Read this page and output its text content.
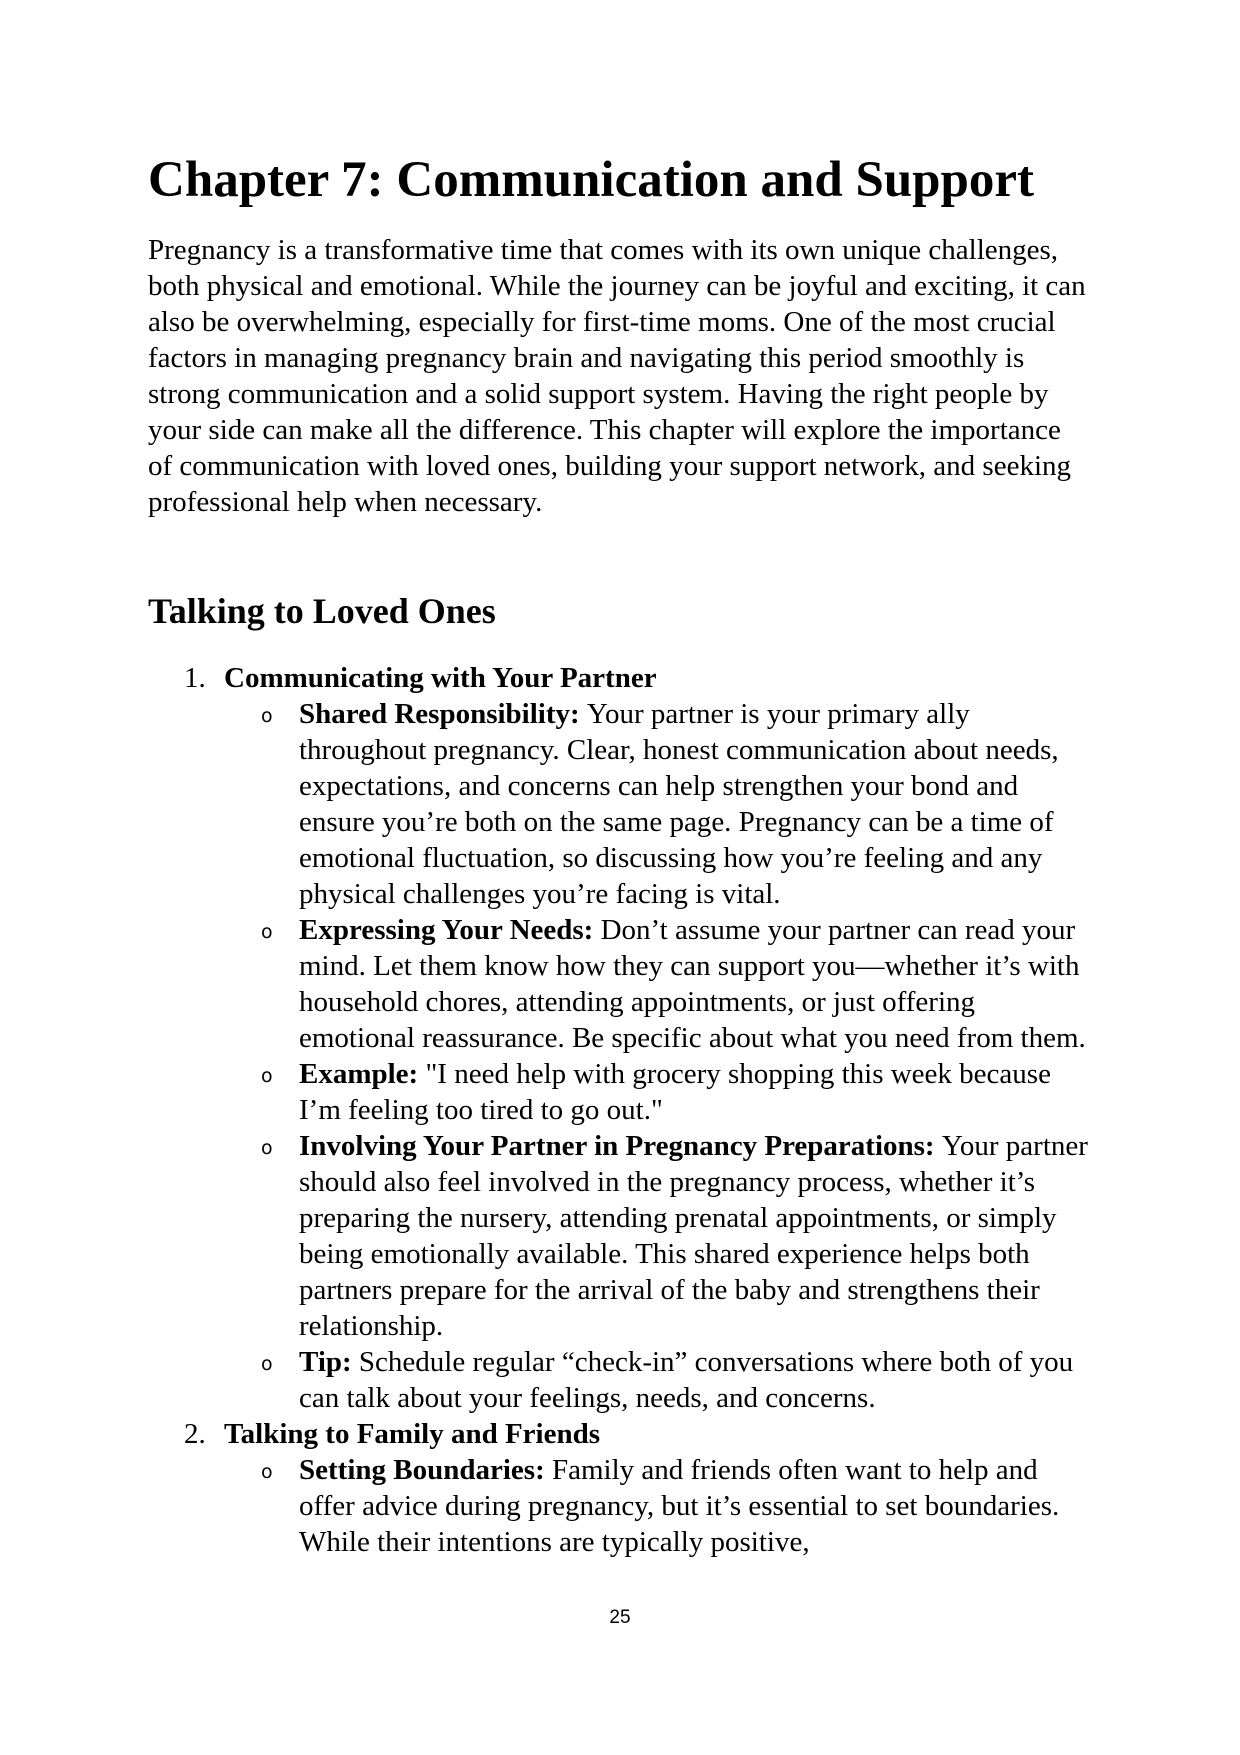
Chapter 7: Communication and Support

Pregnancy is a transformative time that comes with its own unique challenges, both physical and emotional. While the journey can be joyful and exciting, it can also be overwhelming, especially for first-time moms. One of the most crucial factors in managing pregnancy brain and navigating this period smoothly is strong communication and a solid support system. Having the right people by your side can make all the difference. This chapter will explore the importance of communication with loved ones, building your support network, and seeking professional help when necessary.

Talking to Loved Ones
1. Communicating with Your Partner
o Shared Responsibility: Your partner is your primary ally throughout pregnancy. Clear, honest communication about needs, expectations, and concerns can help strengthen your bond and ensure you’re both on the same page. Pregnancy can be a time of emotional fluctuation, so discussing how you’re feeling and any physical challenges you’re facing is vital.
o Expressing Your Needs: Don’t assume your partner can read your mind. Let them know how they can support you—whether it’s with household chores, attending appointments, or just offering emotional reassurance. Be specific about what you need from them.
o Example: "I need help with grocery shopping this week because I’m feeling too tired to go out."
o Involving Your Partner in Pregnancy Preparations: Your partner should also feel involved in the pregnancy process, whether it’s preparing the nursery, attending prenatal appointments, or simply being emotionally available. This shared experience helps both partners prepare for the arrival of the baby and strengthens their relationship.
o Tip: Schedule regular “check-in” conversations where both of you can talk about your feelings, needs, and concerns.
2. Talking to Family and Friends
o Setting Boundaries: Family and friends often want to help and offer advice during pregnancy, but it’s essential to set boundaries. While their intentions are typically positive,
25
